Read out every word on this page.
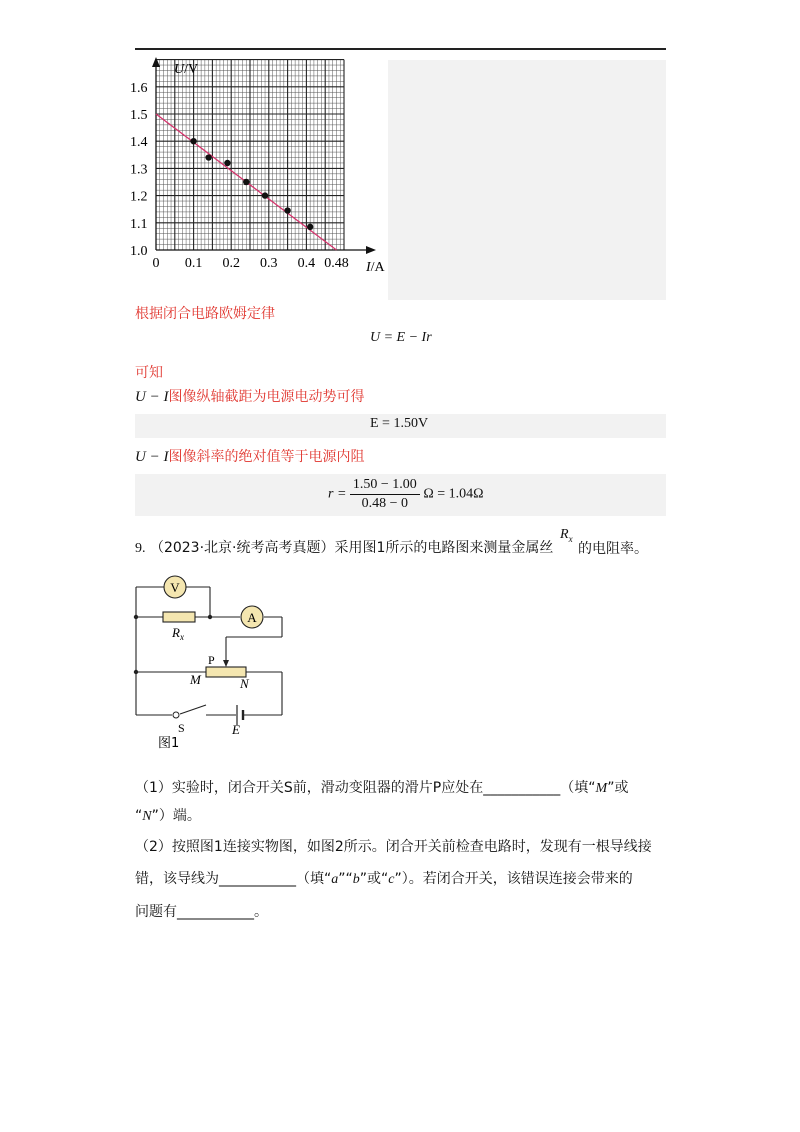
1.0
1.1
1.2
1.3
1.4
1.5
1.6
0 0.1 0.2 0.3 0.4 0.48
U/V
I/A
根据闭合电路欧姆定律
U = E − Ir
可知
U − I图像纵轴截距为电源电动势可得
E = 1.50V
U − I图像斜率的绝对值等于电源内阻
$r = \frac{1.50 - 1.00}{0.48 - 0}$ Ω = 1.04Ω
9. （2023·北京·统考高考真题）采用图1所示的电路图来测量金属丝
$R_x$
的电阻率。
V
$R_x$
A
P
M	N
S	E
图1
（1）实验时，闭合开关S前，滑动变阻器的滑片P应处在___________（填“M”或
“N”）端。
（2）按照图1连接实物图，如图2所示。闭合开关前检查电路时，发现有一根导线接
错，该导线为___________（填“a”“b”或“c”）。若闭合开关，该错误连接会带来的
问题有___________。
